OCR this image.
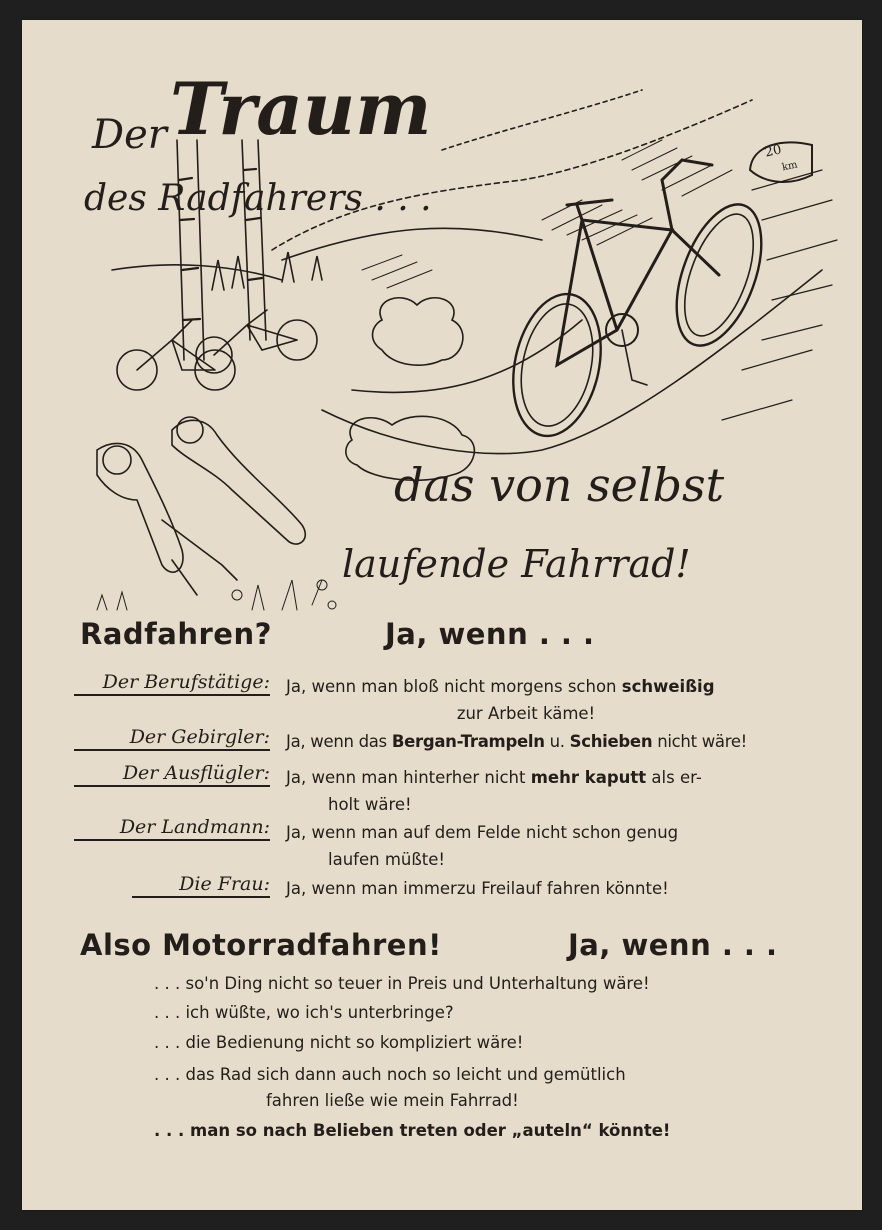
20
km
Der Traum
des Radfahrers . . .
das von selbst
laufende Fahrrad!
Radfahren?	Ja, wenn . . .
Der Berufstätige: Ja, wenn man bloß nicht morgens schon schweißig
zur Arbeit käme!
Der Gebirgler: Ja, wenn das Bergan-Trampeln u. Schieben nicht wäre!
Der Ausflügler: Ja, wenn man hinterher nicht mehr kaputt als er-
holt wäre!
Der Landmann: Ja, wenn man auf dem Felde nicht schon genug
laufen müßte!
Die Frau: Ja, wenn man immerzu Freilauf fahren könnte!
Also Motorradfahren!	Ja, wenn . . .
. . . so'n Ding nicht so teuer in Preis und Unterhaltung wäre!
. . . ich wüßte, wo ich's unterbringe?
. . . die Bedienung nicht so kompliziert wäre!
. . . das Rad sich dann auch noch so leicht und gemütlich
fahren ließe wie mein Fahrrad!
. . . man so nach Belieben treten oder „auteln“ könnte!
